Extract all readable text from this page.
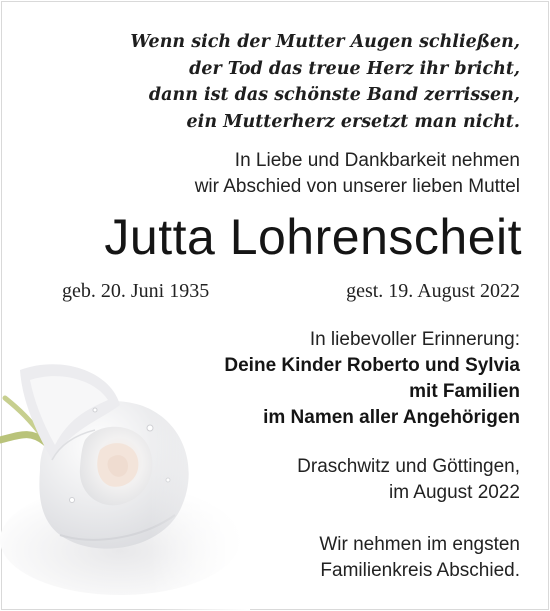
Wenn sich der Mutter Augen schließen,
der Tod das treue Herz ihr bricht,
dann ist das schönste Band zerrissen,
ein Mutterherz ersetzt man nicht.
In Liebe und Dankbarkeit nehmen
wir Abschied von unserer lieben Muttel
Jutta Lohrenscheit
In liebevoller Erinnerung:
Deine Kinder Roberto und Sylvia
mit Familien
im Namen aller Angehörigen
Draschwitz und Göttingen,
im August 2022
Wir nehmen im engsten
Familienkreis Abschied.
geb. 20. Juni 1935	gest. 19. August 2022
